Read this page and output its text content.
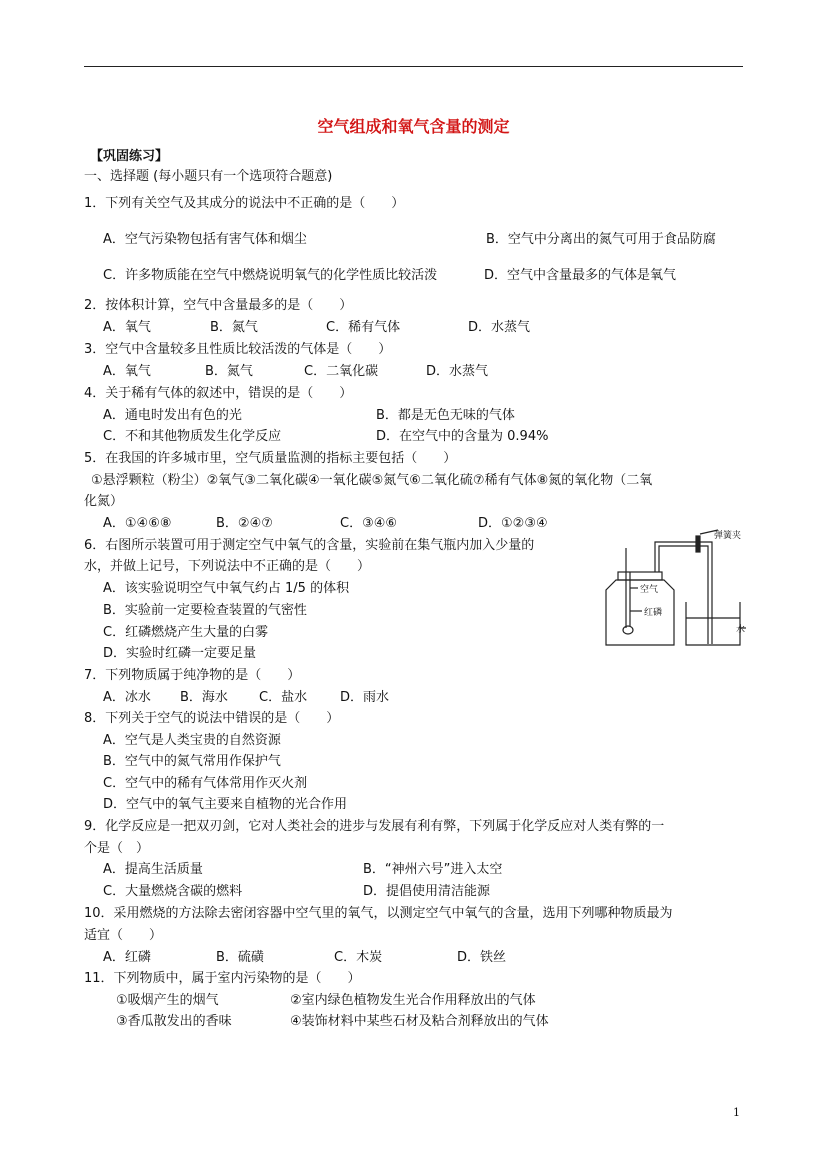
空气组成和氧气含量的测定
【巩固练习】
一、选择题 (每小题只有一个选项符合题意)
1．下列有关空气及其成分的说法中不正确的是（　　）
A．空气污染物包括有害气体和烟尘	B．空气中分离出的氮气可用于食品防腐
C．许多物质能在空气中燃烧说明氧气的化学性质比较活泼	D．空气中含量最多的气体是氧气
2．按体积计算，空气中含量最多的是（　　）
A．氧气	B．氮气	C．稀有气体	D．水蒸气
3．空气中含量较多且性质比较活泼的气体是（　　）
A．氧气	B．氮气	C．二氧化碳	D．水蒸气
4．关于稀有气体的叙述中，错误的是（　　）
A．通电时发出有色的光	B．都是无色无味的气体
C．不和其他物质发生化学反应	D．在空气中的含量为 0.94%
5．在我国的许多城市里，空气质量监测的指标主要包括（　　）
①悬浮颗粒（粉尘）②氧气③二氧化碳④一氧化碳⑤氮气⑥二氧化硫⑦稀有气体⑧氮的氧化物（二氧
化氮）
A．①④⑥⑧	B．②④⑦	C．③④⑥	D．①②③④
6．右图所示装置可用于测定空气中氧气的含量，实验前在集气瓶内加入少量的
水，并做上记号，下列说法中不正确的是（　　）
A．该实验说明空气中氧气约占 1/5 的体积
B．实验前一定要检查装置的气密性
C．红磷燃烧产生大量的白雾
D．实验时红磷一定要足量
弹簧夹
空气
红磷
水
7．下列物质属于纯净物的是（　　）
A．冰水 B．海水 C．盐水	D．雨水
8．下列关于空气的说法中错误的是（　　）
A．空气是人类宝贵的自然资源
B．空气中的氮气常用作保护气
C．空气中的稀有气体常用作灭火剂
D．空气中的氧气主要来自植物的光合作用
9．化学反应是一把双刃剑，它对人类社会的进步与发展有利有弊，下列属于化学反应对人类有弊的一
个是（　）
A．提高生活质量	B．“神州六号”进入太空
C．大量燃烧含碳的燃料	D．提倡使用清洁能源
10．采用燃烧的方法除去密闭容器中空气里的氧气，以测定空气中氧气的含量，选用下列哪种物质最为
适宜（　　）
A．红磷	B．硫磺	C．木炭	D．铁丝
11．下列物质中，属于室内污染物的是（　　）
①吸烟产生的烟气	②室内绿色植物发生光合作用释放出的气体
③香瓜散发出的香味	④装饰材料中某些石材及粘合剂释放出的气体
1
